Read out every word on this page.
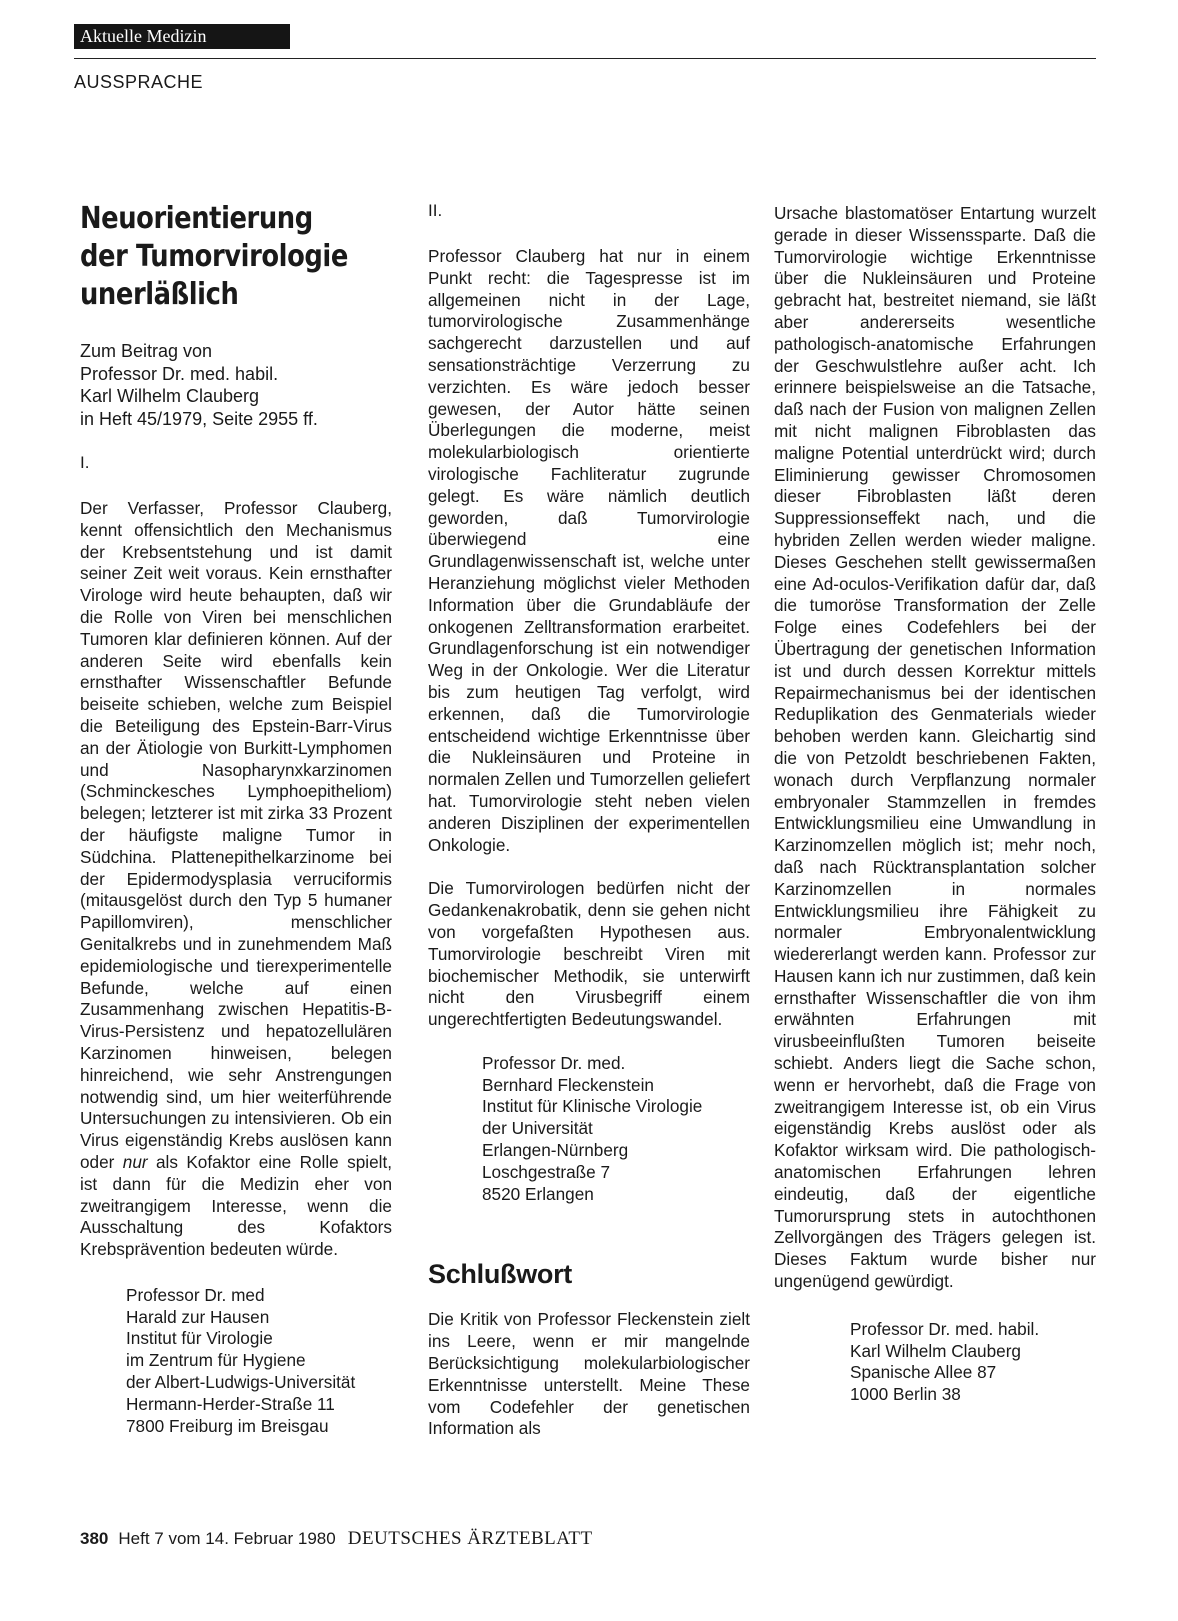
Aktuelle Medizin
AUSSPRACHE
Neuorientierung
der Tumorvirologie
unerläßlich
Zum Beitrag von
Professor Dr. med. habil.
Karl Wilhelm Clauberg
in Heft 45/1979, Seite 2955 ff.
I.

Der Verfasser, Professor Clauberg, kennt offensichtlich den Mechanismus der Krebsentstehung und ist damit seiner Zeit weit voraus. Kein ernsthafter Virologe wird heute behaupten, daß wir die Rolle von Viren bei menschlichen Tumoren klar definieren können. Auf der anderen Seite wird ebenfalls kein ernsthafter Wissenschaftler Befunde beiseite schieben, welche zum Beispiel die Beteiligung des Epstein-Barr-Virus an der Ätiologie von Burkitt-Lymphomen und Nasopharynxkarzinomen (Schminckesches Lymphoepitheliom) belegen; letzterer ist mit zirka 33 Prozent der häufigste maligne Tumor in Südchina. Plattenepithelkarzinome bei der Epidermodysplasia verruciformis (mitausgelöst durch den Typ 5 humaner Papillomviren), menschlicher Genitalkrebs und in zunehmendem Maß epidemiologische und tierexperimentelle Befunde, welche auf einen Zusammenhang zwischen Hepatitis-B-Virus-Persistenz und hepatozellulären Karzinomen hinweisen, belegen hinreichend, wie sehr Anstrengungen notwendig sind, um hier weiterführende Untersuchungen zu intensivieren. Ob ein Virus eigenständig Krebs auslösen kann oder nur als Kofaktor eine Rolle spielt, ist dann für die Medizin eher von zweitrangigem Interesse, wenn die Ausschaltung des Kofaktors Krebsprävention bedeuten würde.

Professor Dr. med
Harald zur Hausen
Institut für Virologie
im Zentrum für Hygiene
der Albert-Ludwigs-Universität
Hermann-Herder-Straße 11
7800 Freiburg im Breisgau
II.

Professor Clauberg hat nur in einem Punkt recht: die Tagespresse ist im allgemeinen nicht in der Lage, tumorvirologische Zusammenhänge sachgerecht darzustellen und auf sensationsträchtige Verzerrung zu verzichten. Es wäre jedoch besser gewesen, der Autor hätte seinen Überlegungen die moderne, meist molekularbiologisch orientierte virologische Fachliteratur zugrunde gelegt. Es wäre nämlich deutlich geworden, daß Tumorvirologie überwiegend eine Grundlagenwissenschaft ist, welche unter Heranziehung möglichst vieler Methoden Information über die Grundabläufe der onkogenen Zelltransformation erarbeitet. Grundlagenforschung ist ein notwendiger Weg in der Onkologie. Wer die Literatur bis zum heutigen Tag verfolgt, wird erkennen, daß die Tumorvirologie entscheidend wichtige Erkenntnisse über die Nukleinsäuren und Proteine in normalen Zellen und Tumorzellen geliefert hat. Tumorvirologie steht neben vielen anderen Disziplinen der experimentellen Onkologie.

Die Tumorvirologen bedürfen nicht der Gedankenakrobatik, denn sie gehen nicht von vorgefaßten Hypothesen aus. Tumorvirologie beschreibt Viren mit biochemischer Methodik, sie unterwirft nicht den Virusbegriff einem ungerechtfertigten Bedeutungswandel.

Professor Dr. med.
Bernhard Fleckenstein
Institut für Klinische Virologie
der Universität
Erlangen-Nürnberg
Loschgestraße 7
8520 Erlangen
Schlußwort

Die Kritik von Professor Fleckenstein zielt ins Leere, wenn er mir mangelnde Berücksichtigung molekularbiologischer Erkenntnisse unterstellt. Meine These vom Codefehler der genetischen Information als

Ursache blastomatöser Entartung wurzelt gerade in dieser Wissenssparte. Daß die Tumorvirologie wichtige Erkenntnisse über die Nukleinsäuren und Proteine gebracht hat, bestreitet niemand, sie läßt aber andererseits wesentliche pathologisch-anatomische Erfahrungen der Geschwulstlehre außer acht. Ich erinnere beispielsweise an die Tatsache, daß nach der Fusion von malignen Zellen mit nicht malignen Fibroblasten das maligne Potential unterdrückt wird; durch Eliminierung gewisser Chromosomen dieser Fibroblasten läßt deren Suppressionseffekt nach, und die hybriden Zellen werden wieder maligne. Dieses Geschehen stellt gewissermaßen eine Ad-oculos-Verifikation dafür dar, daß die tumoröse Transformation der Zelle Folge eines Codefehlers bei der Übertragung der genetischen Information ist und durch dessen Korrektur mittels Repairmechanismus bei der identischen Reduplikation des Genmaterials wieder behoben werden kann. Gleichartig sind die von Petzoldt beschriebenen Fakten, wonach durch Verpflanzung normaler embryonaler Stammzellen in fremdes Entwicklungsmilieu eine Umwandlung in Karzinomzellen möglich ist; mehr noch, daß nach Rücktransplantation solcher Karzinomzellen in normales Entwicklungsmilieu ihre Fähigkeit zu normaler Embryonalentwicklung wiedererlangt werden kann. Professor zur Hausen kann ich nur zustimmen, daß kein ernsthafter Wissenschaftler die von ihm erwähnten Erfahrungen mit virusbeeinflußten Tumoren beiseite schiebt. Anders liegt die Sache schon, wenn er hervorhebt, daß die Frage von zweitrangigem Interesse ist, ob ein Virus eigenständig Krebs auslöst oder als Kofaktor wirksam wird. Die pathologisch-anatomischen Erfahrungen lehren eindeutig, daß der eigentliche Tumorursprung stets in autochthonen Zellvorgängen des Trägers gelegen ist. Dieses Faktum wurde bisher nur ungenügend gewürdigt.

Professor Dr. med. habil.
Karl Wilhelm Clauberg
Spanische Allee 87
1000 Berlin 38
380 Heft 7 vom 14. Februar 1980 DEUTSCHES ÄRZTEBLATT
